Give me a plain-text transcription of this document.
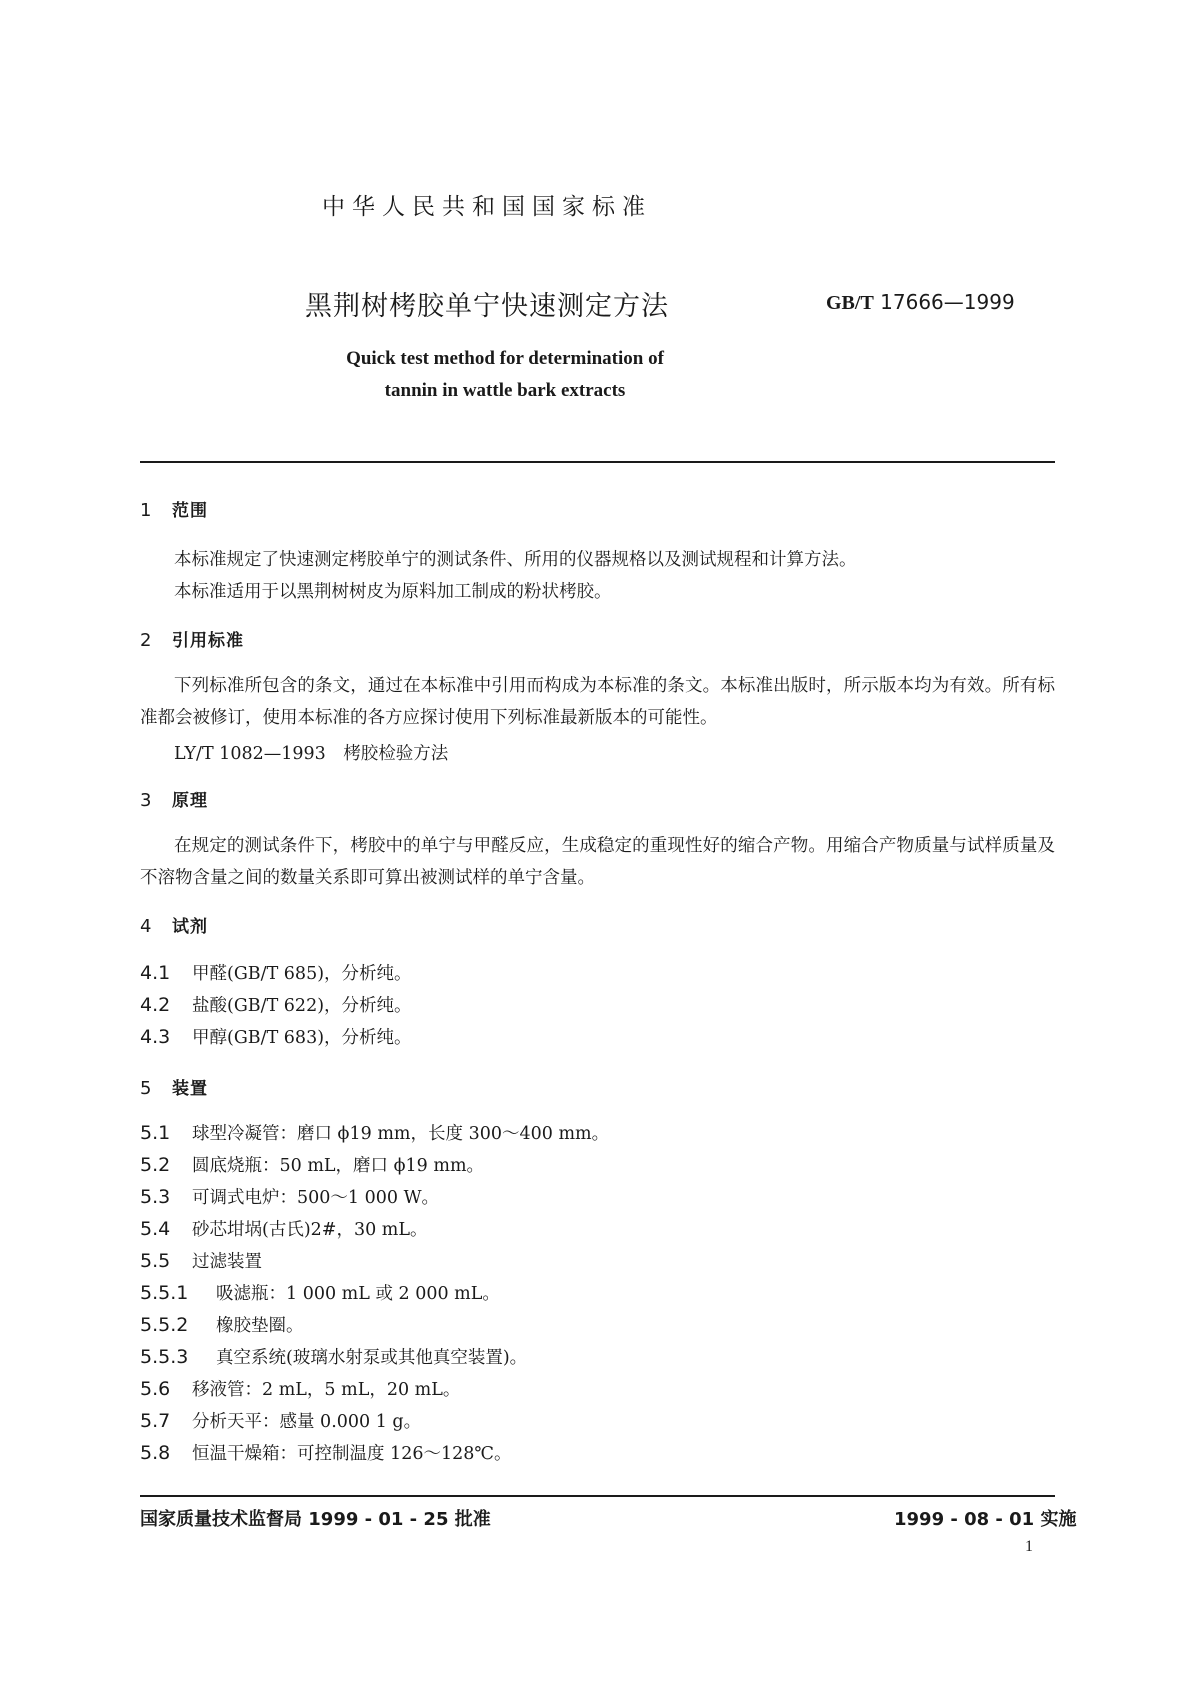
中华人民共和国国家标准
黑荆树栲胶单宁快速测定方法	GB/T 17666—1999
Quick test method for determination of
tannin in wattle bark extracts
1 范围
本标准规定了快速测定栲胶单宁的测试条件、所用的仪器规格以及测试规程和计算方法。
本标准适用于以黑荆树树皮为原料加工制成的粉状栲胶。
2 引用标准
下列标准所包含的条文，通过在本标准中引用而构成为本标准的条文。本标准出版时，所示版本均为有效。所有标准都会被修订，使用本标准的各方应探讨使用下列标准最新版本的可能性。
LY/T 1082—1993　栲胶检验方法
3 原理
在规定的测试条件下，栲胶中的单宁与甲醛反应，生成稳定的重现性好的缩合产物。用缩合产物质量与试样质量及不溶物含量之间的数量关系即可算出被测试样的单宁含量。
4 试剂
4.1 甲醛(GB/T 685)，分析纯。
4.2 盐酸(GB/T 622)，分析纯。
4.3 甲醇(GB/T 683)，分析纯。
5 装置
5.1 球型冷凝管：磨口 ϕ19 mm，长度 300～400 mm。
5.2 圆底烧瓶：50 mL，磨口 ϕ19 mm。
5.3 可调式电炉：500～1 000 W。
5.4 砂芯坩埚(古氏)2#，30 mL。
5.5 过滤装置
5.5.1 吸滤瓶：1 000 mL 或 2 000 mL。
5.5.2 橡胶垫圈。
5.5.3 真空系统(玻璃水射泵或其他真空装置)。
5.6 移液管：2 mL，5 mL，20 mL。
5.7 分析天平：感量 0.000 1 g。
5.8 恒温干燥箱：可控制温度 126～128℃。
国家质量技术监督局 1999 - 01 - 25 批准	1999 - 08 - 01 实施
1
